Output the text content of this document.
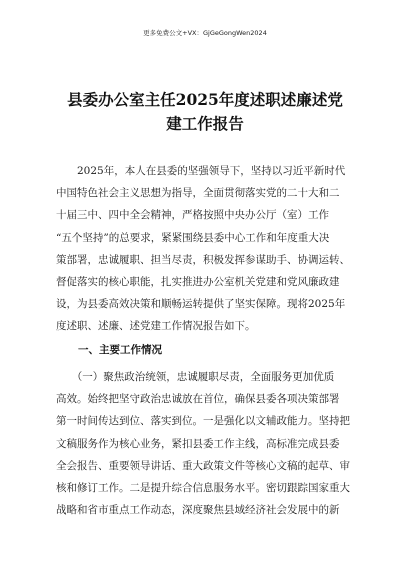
更多免费公文+VX：GjGeGongWen2024
县委办公室主任2025年度述职述廉述党
建工作报告
　　2025年，本人在县委的坚强领导下，坚持以习近平新时代
中国特色社会主义思想为指导，全面贯彻落实党的二十大和二
十届三中、四中全会精神，严格按照中央办公厅（室）工作
“五个坚持”的总要求，紧紧围绕县委中心工作和年度重大决
策部署，忠诚履职、担当尽责，积极发挥参谋助手、协调运转、
督促落实的核心职能，扎实推进办公室机关党建和党风廉政建
设，为县委高效决策和顺畅运转提供了坚实保障。现将2025年
度述职、述廉、述党建工作情况报告如下。
一、主要工作情况
　　（一）聚焦政治统领，忠诚履职尽责，全面服务更加优质
高效。始终把坚守政治忠诚放在首位，确保县委各项决策部署
第一时间传达到位、落实到位。一是强化以文辅政能力。坚持把
文稿服务作为核心业务，紧扣县委工作主线，高标准完成县委
全会报告、重要领导讲话、重大政策文件等核心文稿的起草、审
核和修订工作。二是提升综合信息服务水平。密切跟踪国家重大
战略和省市重点工作动态，深度聚焦县域经济社会发展中的新
